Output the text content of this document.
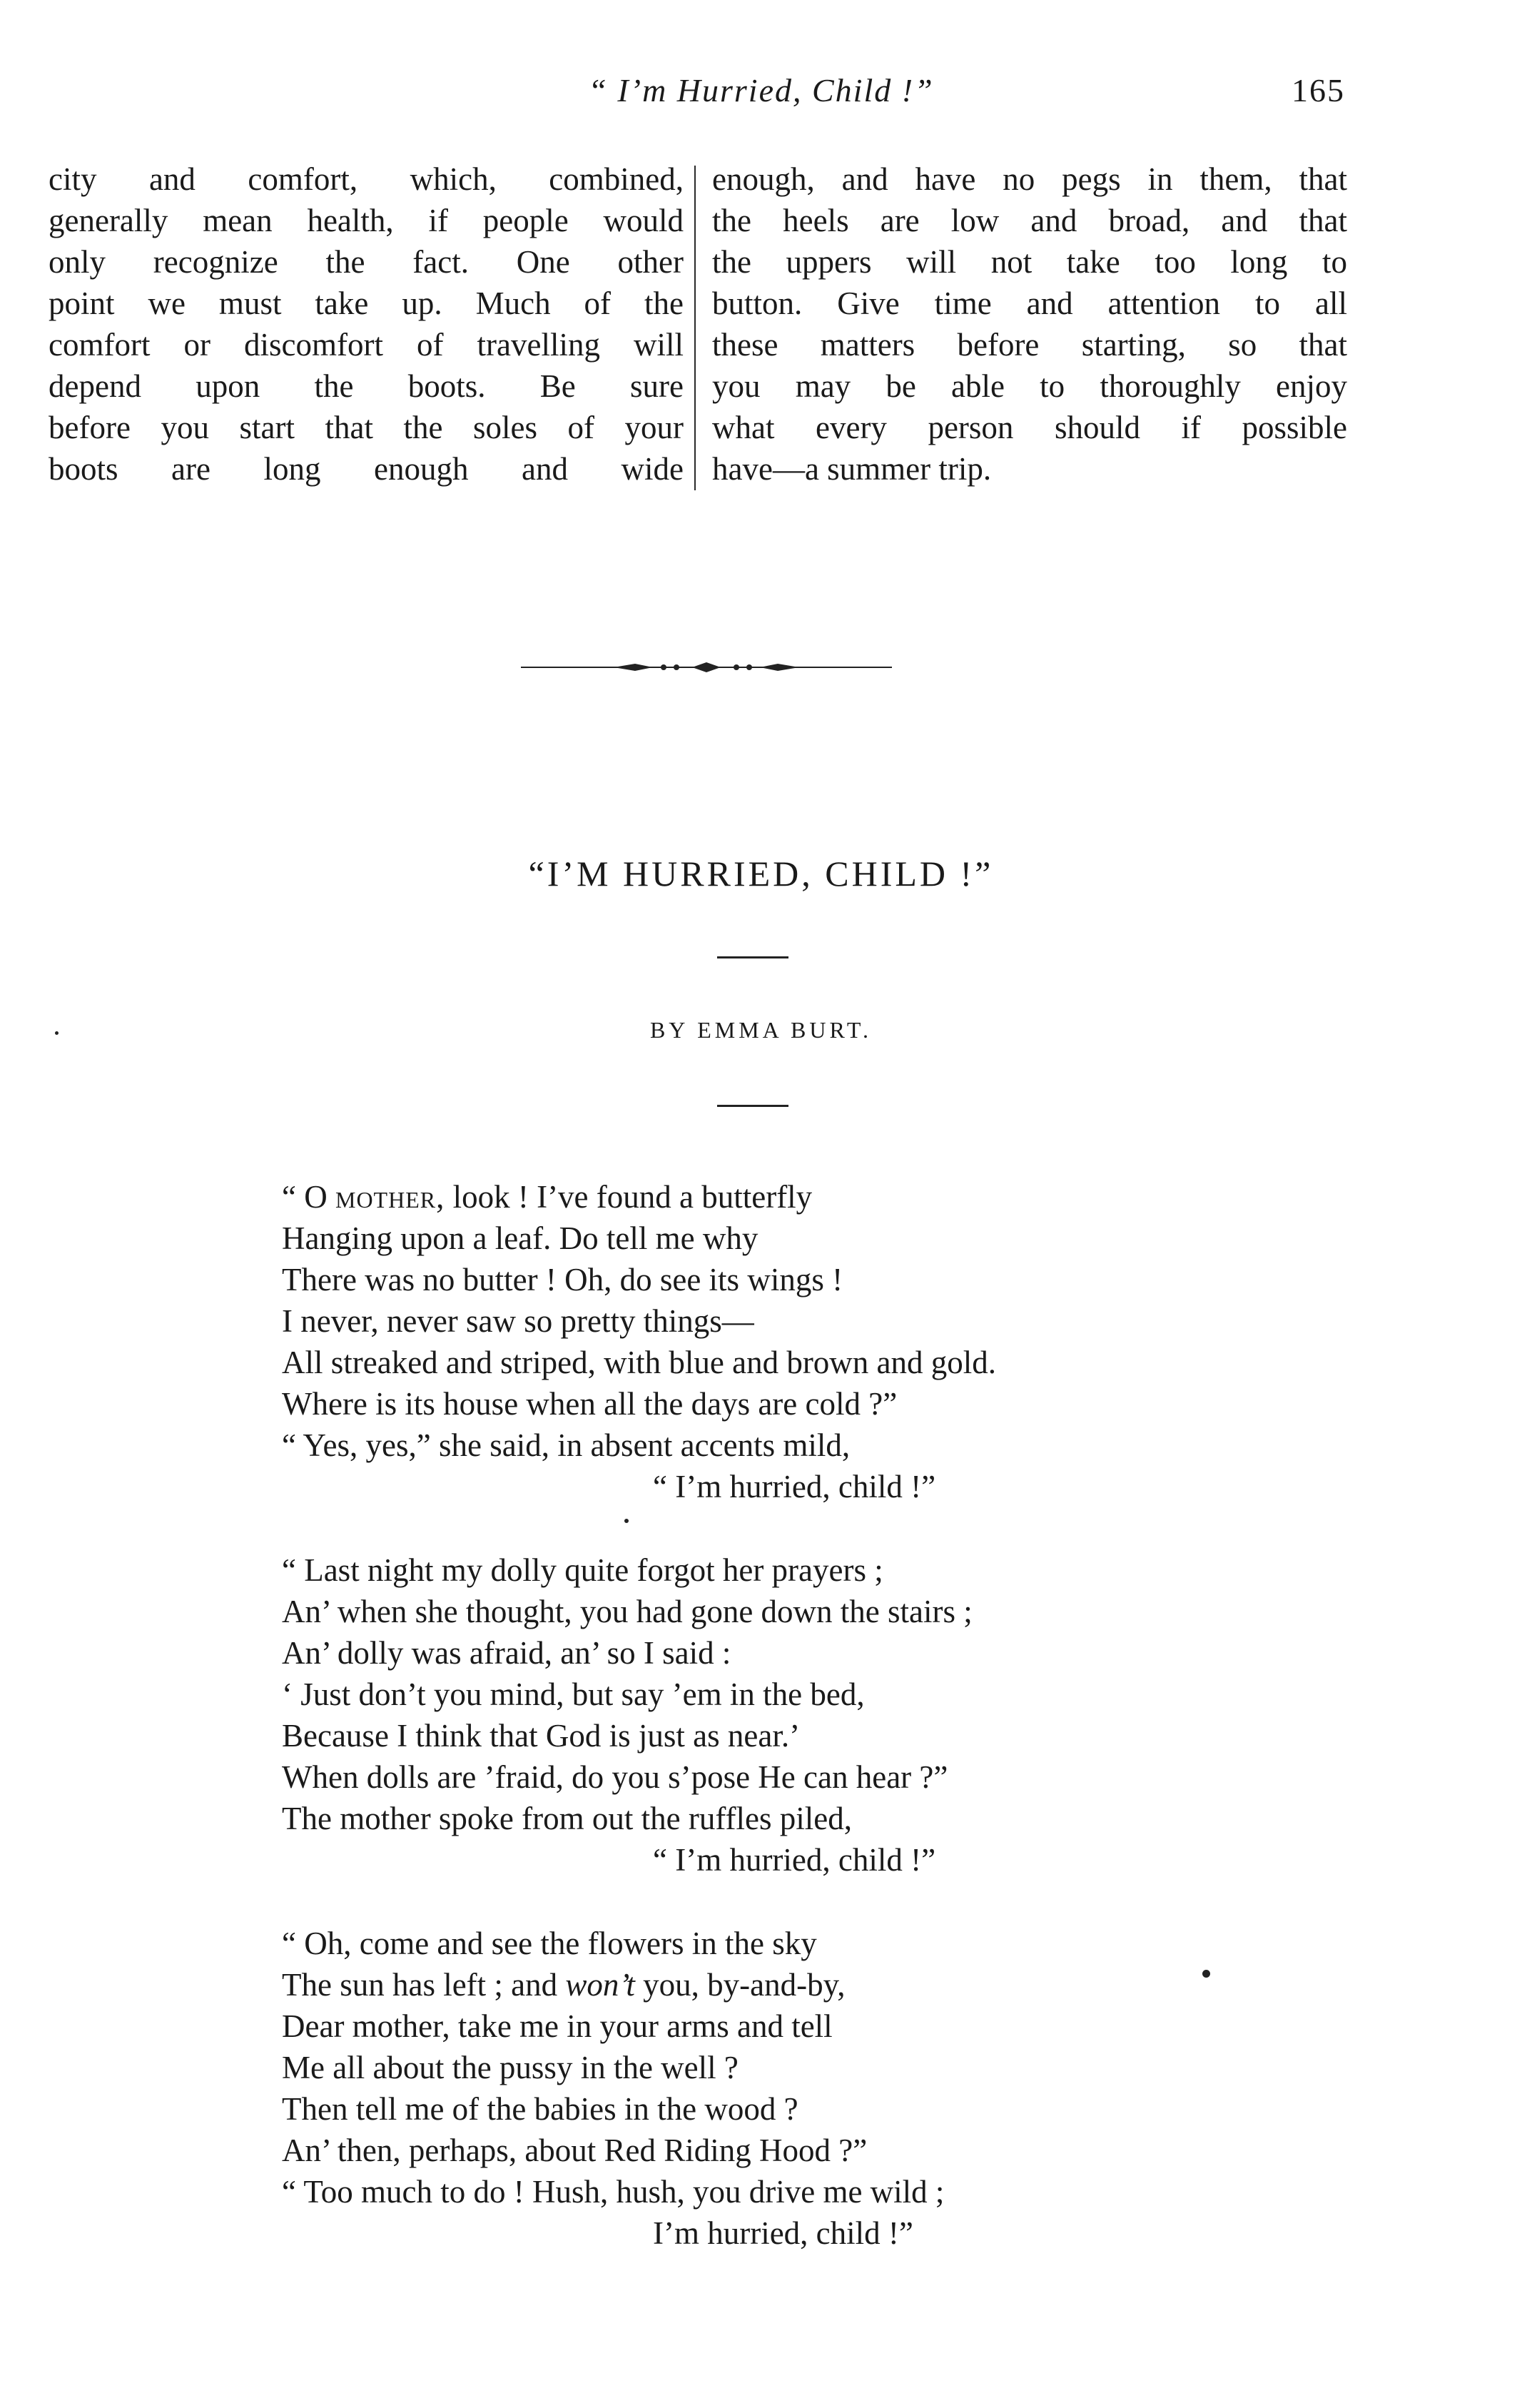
“ I’m Hurried, Child !”	165
city and comfort, which, combined,
generally mean health, if people would
only recognize the fact. One other
point we must take up. Much of the
comfort or discomfort of travelling will
depend upon the boots. Be sure
before you start that the soles of your
boots are long enough and wide
enough, and have no pegs in them, that
the heels are low and broad, and that
the uppers will not take too long to
button. Give time and attention to all
these matters before starting, so that
you may be able to thoroughly enjoy
what every person should if possible
have—a summer trip.
“I’M HURRIED, CHILD !”
BY EMMA BURT.
“ O mother, look ! I’ve found a butterfly
Hanging upon a leaf. Do tell me why
There was no butter ! Oh, do see its wings !
I never, never saw so pretty things—
All streaked and striped, with blue and brown and gold.
Where is its house when all the days are cold ?”
“ Yes, yes,” she said, in absent accents mild,
“ I’m hurried, child !”
“ Last night my dolly quite forgot her prayers ;
An’ when she thought, you had gone down the stairs ;
An’ dolly was afraid, an’ so I said :
‘ Just don’t you mind, but say ’em in the bed,
Because I think that God is just as near.’
When dolls are ’fraid, do you s’pose He can hear ?”
The mother spoke from out the ruffles piled,
“ I’m hurried, child !”
“ Oh, come and see the flowers in the sky
The sun has left ; and won’t you, by-and-by,
Dear mother, take me in your arms and tell
Me all about the pussy in the well ?
Then tell me of the babies in the wood ?
An’ then, perhaps, about Red Riding Hood ?”
“ Too much to do ! Hush, hush, you drive me wild ;
I’m hurried, child !”
